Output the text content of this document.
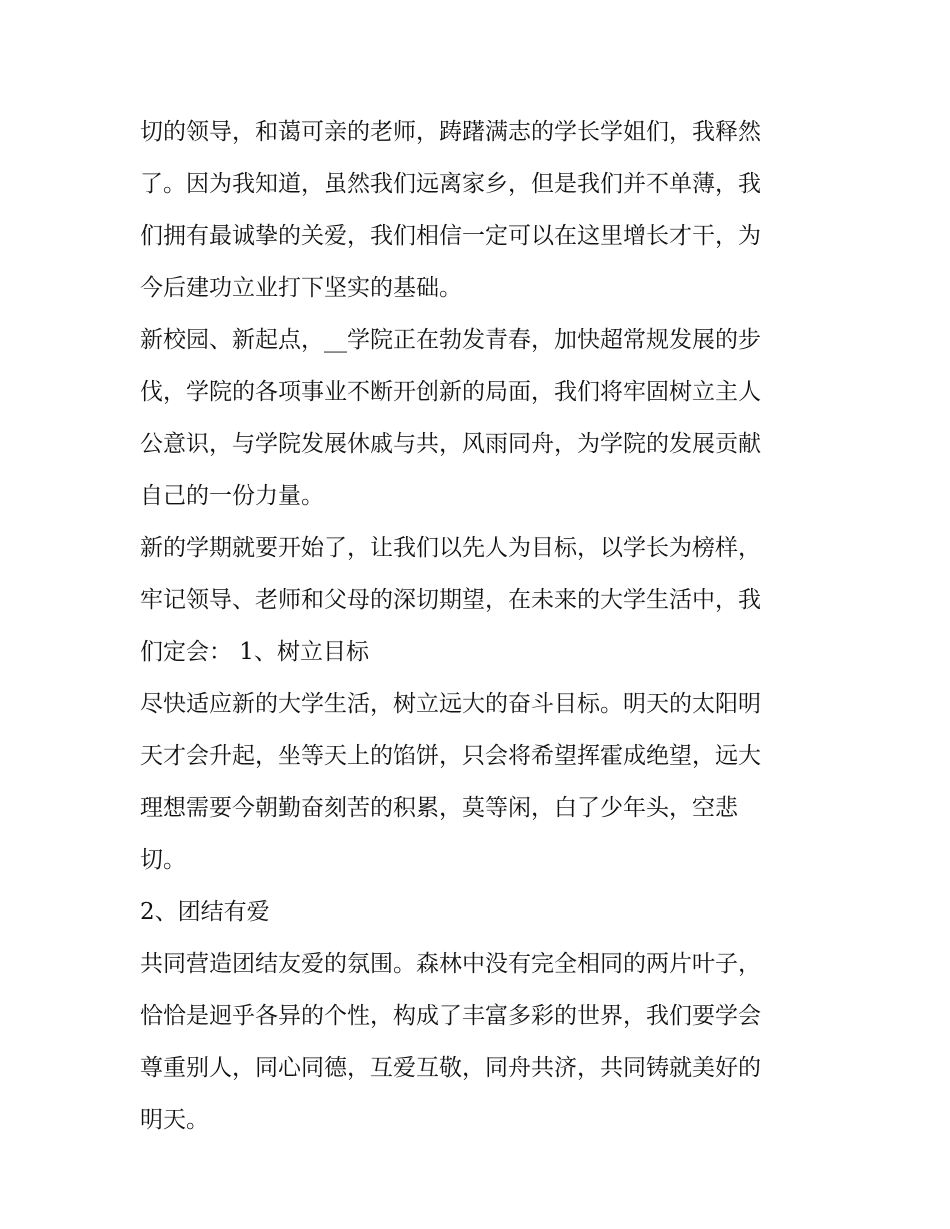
切的领导，和蔼可亲的老师，踌躇满志的学长学姐们，我释然
了。因为我知道，虽然我们远离家乡，但是我们并不单薄，我
们拥有最诚挚的关爱，我们相信一定可以在这里增长才干，为
今后建功立业打下坚实的基础。

新校园、新起点，__学院正在勃发青春，加快超常规发展的步
伐，学院的各项事业不断开创新的局面，我们将牢固树立主人
公意识，与学院发展休戚与共，风雨同舟，为学院的发展贡献
自己的一份力量。

新的学期就要开始了，让我们以先人为目标，以学长为榜样，
牢记领导、老师和父母的深切期望，在未来的大学生活中，我
们定会： 1、树立目标

尽快适应新的大学生活，树立远大的奋斗目标。明天的太阳明
天才会升起，坐等天上的馅饼，只会将希望挥霍成绝望，远大
理想需要今朝勤奋刻苦的积累，莫等闲，白了少年头，空悲
切。

2、团结有爱

共同营造团结友爱的氛围。森林中没有完全相同的两片叶子，
恰恰是迥乎各异的个性，构成了丰富多彩的世界，我们要学会
尊重别人，同心同德，互爱互敬，同舟共济，共同铸就美好的
明天。
